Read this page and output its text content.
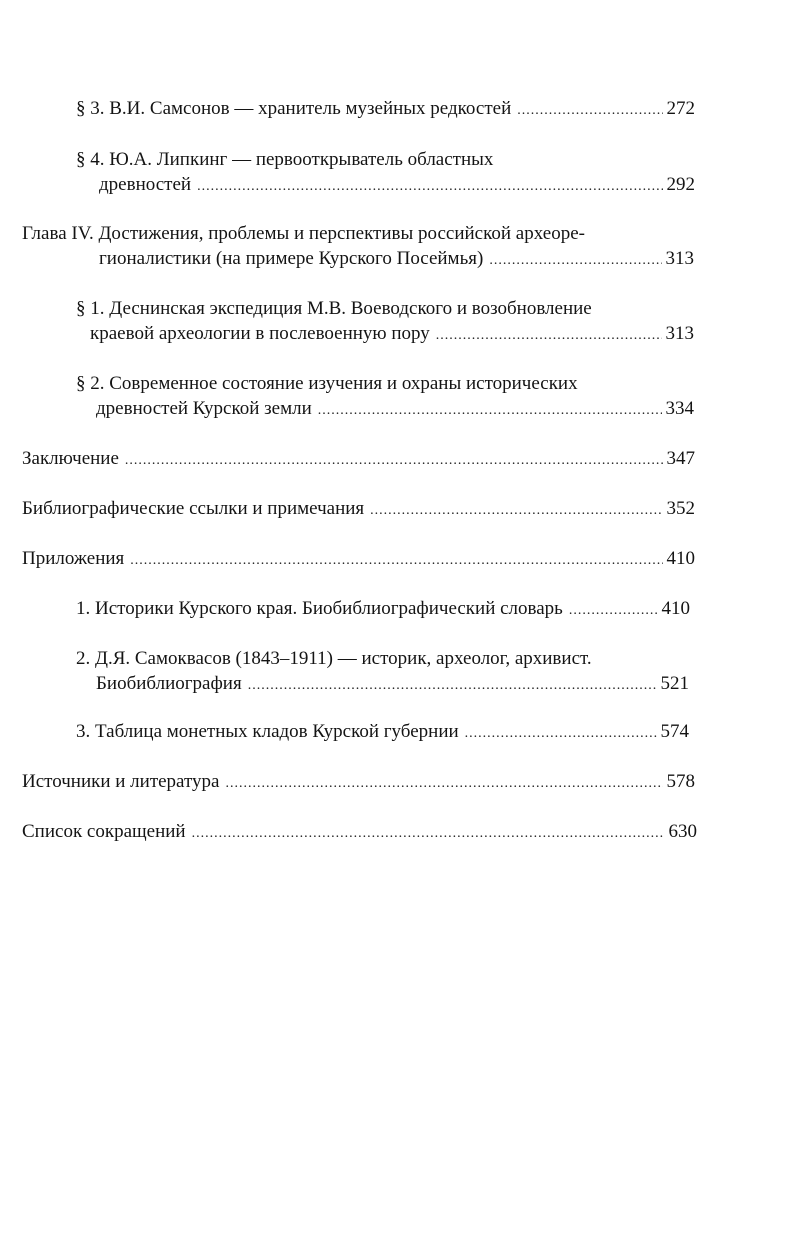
§ 3. В.И. Самсонов — хранитель музейных редкостей .....	272
§ 4. Ю.А. Липкинг — первооткрыватель областных
древностей .....	292
Глава IV. Достижения, проблемы и перспективы российской археоре-
гионалистики (на примере Курского Посеймья) .....	313
§ 1. Деснинская экспедиция М.В. Воеводского и возобновление
краевой археологии в послевоенную пору .....	313
§ 2. Современное состояние изучения и охраны исторических
древностей Курской земли .....	334
Заключение .....	347
Библиографические ссылки и примечания .....	352
Приложения .....	410
1. Историки Курского края. Биобиблиографический словарь .....	410
2. Д.Я. Самоквасов (1843–1911) — историк, археолог, архивист.
Биобиблиография .....	521
3. Таблица монетных кладов Курской губернии .....	574
Источники и литература .....	578
Список сокращений .....	630
